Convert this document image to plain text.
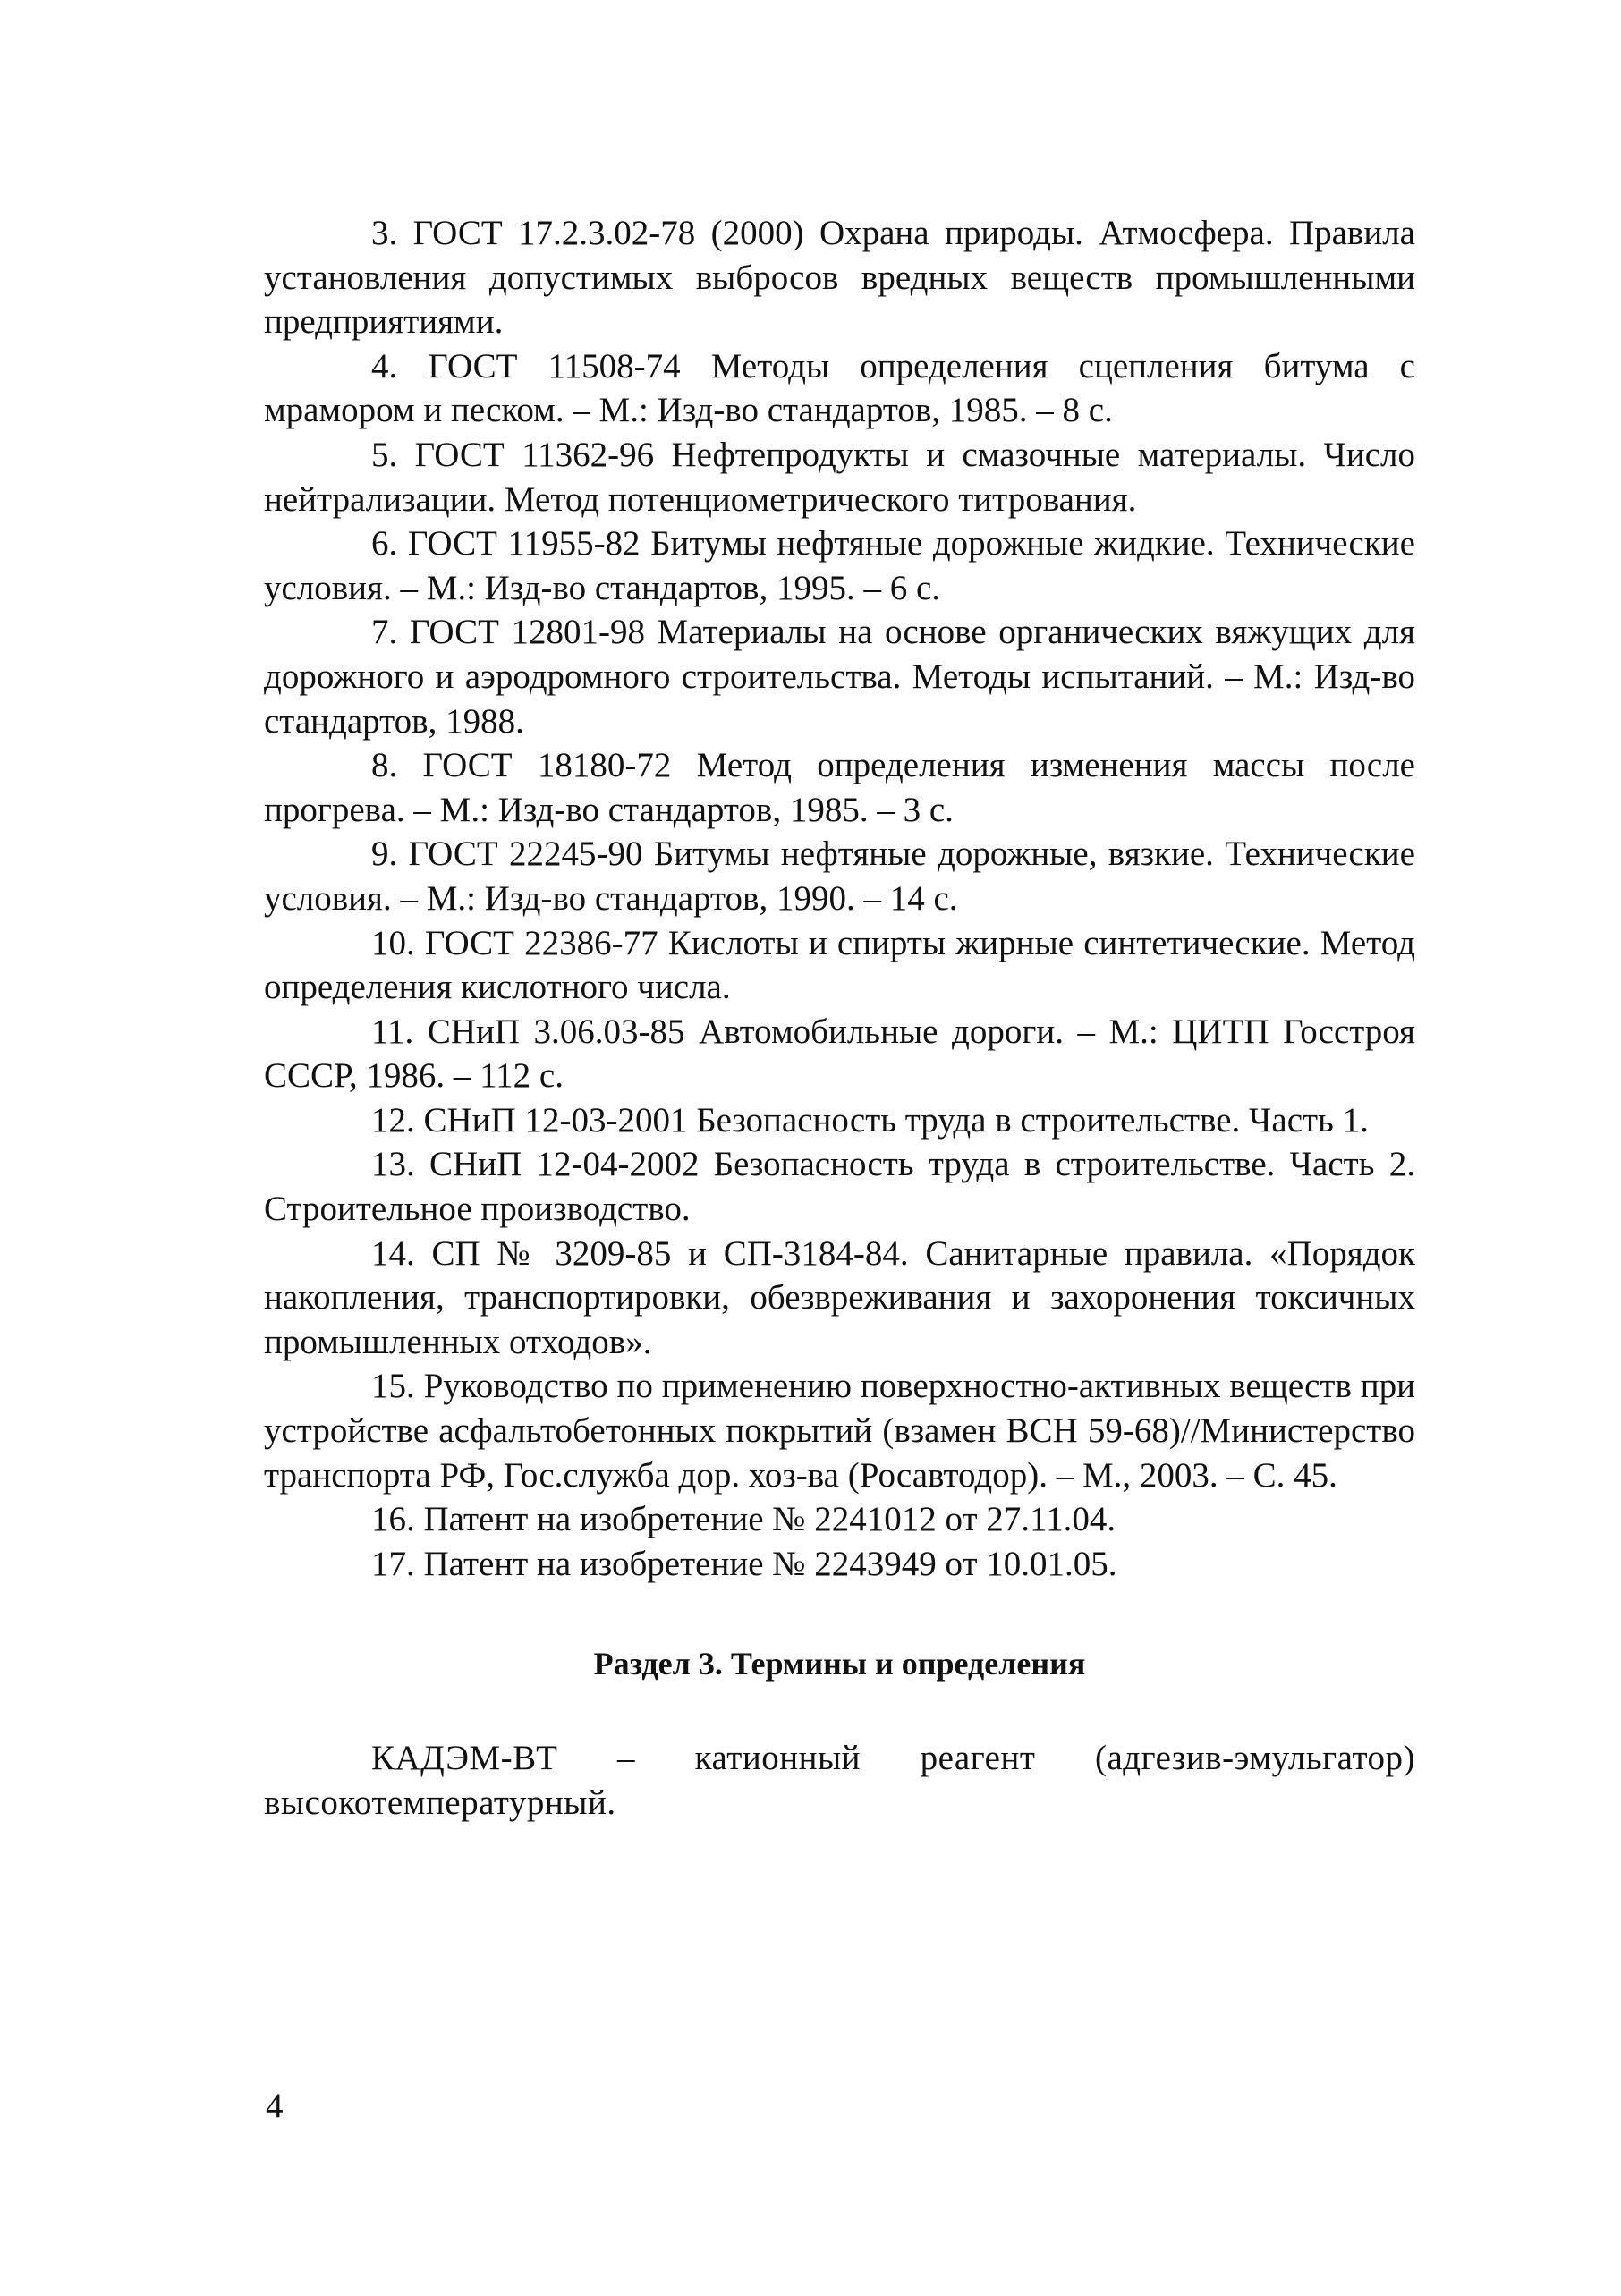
3. ГОСТ 17.2.3.02-78 (2000) Охрана природы. Атмосфера. Правила установления допустимых выбросов вредных веществ промышленными предприятиями.

4. ГОСТ 11508-74 Методы определения сцепления битума с мрамором и песком. – М.: Изд-во стандартов, 1985. – 8 с.

5. ГОСТ 11362-96 Нефтепродукты и смазочные материалы. Число нейтрализации. Метод потенциометрического титрования.

6. ГОСТ 11955-82 Битумы нефтяные дорожные жидкие. Технические условия. – М.: Изд-во стандартов, 1995. – 6 с.

7. ГОСТ 12801-98 Материалы на основе органических вяжущих для дорожного и аэродромного строительства. Методы испытаний. – М.: Изд-во стандартов, 1988.

8. ГОСТ 18180-72 Метод определения изменения массы после прогрева. – М.: Изд-во стандартов, 1985. – 3 с.

9. ГОСТ 22245-90 Битумы нефтяные дорожные, вязкие. Технические условия. – М.: Изд-во стандартов, 1990. – 14 с.

10. ГОСТ 22386-77 Кислоты и спирты жирные синтетические. Метод определения кислотного числа.

11. СНиП 3.06.03-85 Автомобильные дороги. – М.: ЦИТП Госстроя СССР, 1986. – 112 с.

12. СНиП 12-03-2001 Безопасность труда в строительстве. Часть 1.

13. СНиП 12-04-2002 Безопасность труда в строительстве. Часть 2. Строительное производство.

14. СП № 3209-85 и СП-3184-84. Санитарные правила. «Порядок накопления, транспортировки, обезвреживания и захоронения токсичных промышленных отходов».

15. Руководство по применению поверхностно-активных веществ при устройстве асфальтобетонных покрытий (взамен ВСН 59-68)//Министерство транспорта РФ, Гос.служба дор. хоз-ва (Росавтодор). – М., 2003. – С. 45.

16. Патент на изобретение № 2241012 от 27.11.04.

17. Патент на изобретение № 2243949 от 10.01.05.

Раздел 3. Термины и определения

КАДЭМ-ВТ – катионный реагент (адгезив-эмульгатор) высокотемпературный.

4
